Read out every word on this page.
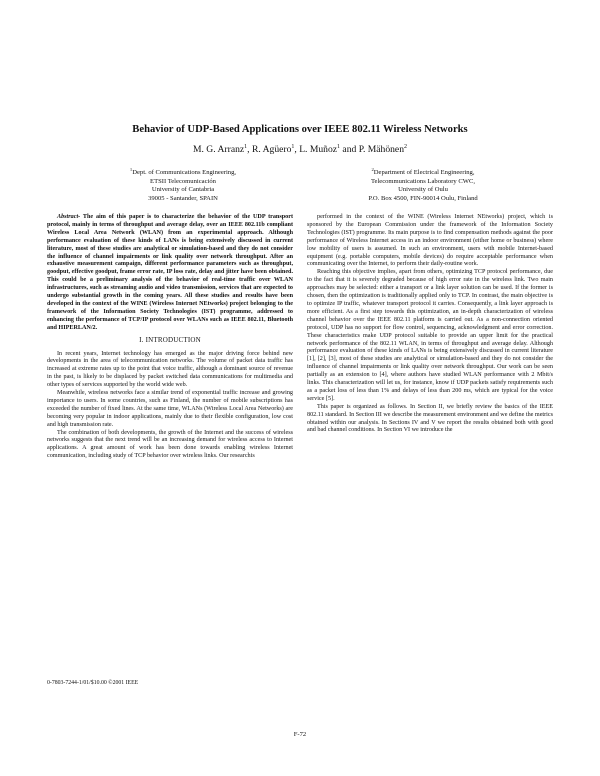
Behavior of UDP-Based Applications over IEEE 802.11 Wireless Networks
M. G. Arranz$^1$, R. Agüero$^1$, L. Muñoz$^1$ and P. Mähönen$^2$
$^1$Dept. of Communications Engineering,
ETSII Telecomunicación
University of Cantabria
39005 - Santander, SPAIN
$^2$Department of Electrical Engineering,
Telecommunications Laboratory CWC,
University of Oulu
P.O. Box 4500, FIN-90014 Oulu, Finland

Abstract- The aim of this paper is to characterize the behavior of the UDP transport protocol, mainly in terms of throughput and average delay, over an IEEE 802.11b compliant Wireless Local Area Network (WLAN) from an experimental approach. Although performance evaluation of these kinds of LANs is being extensively discussed in current literature, most of these studies are analytical or simulation-based and they do not consider the influence of channel impairments or link quality over network throughput. After an exhaustive measurement campaign, different performance parameters such as throughput, goodput, effective goodput, frame error rate, IP loss rate, delay and jitter have been obtained. This could be a preliminary analysis of the behavior of real-time traffic over WLAN infrastructures, such as streaming audio and video transmission, services that are expected to undergo substantial growth in the coming years. All these studies and results have been developed in the context of the WINE (Wireless Internet NEtworks) project belonging to the framework of the Information Society Technologies (IST) programme, addressed to enhancing the performance of TCP/IP protocol over WLANs such as IEEE 802.11, Bluetooth and HIPERLAN/2.

I. INTRODUCTION

In recent years, Internet technology has emerged as the major driving force behind new developments in the area of telecommunication networks. The volume of packet data traffic has increased at extreme rates up to the point that voice traffic, although a dominant source of revenue in the past, is likely to be displaced by packet switched data communications for multimedia and other types of services supported by the world wide web.

Meanwhile, wireless networks face a similar trend of exponential traffic increase and growing importance to users. In some countries, such as Finland, the number of mobile subscriptions has exceeded the number of fixed lines. At the same time, WLANs (Wireless Local Area Networks) are becoming very popular in indoor applications, mainly due to their flexible configuration, low cost and high transmission rate.

The combination of both developments, the growth of the Internet and the success of wireless networks suggests that the next trend will be an increasing demand for wireless access to Internet applications. A great amount of work has been done towards enabling wireless Internet communication, including study of TCP behavior over wireless links. Our researchis

performed in the context of the WINE (Wireless Internet NEtworks) project, which is sponsored by the European Commission under the framework of the Information Society Technologies (IST) programme. Its main purpose is to find compensation methods against the poor performance of Wireless Internet access in an indoor environment (either home or business) where low mobility of users is assumed. In such an environment, users with mobile Internet-based equipment (e.g. portable computers, mobile devices) do require acceptable performance when communicating over the Internet, to perform their daily-routine work.

Reaching this objective implies, apart from others, optimizing TCP protocol performance, due to the fact that it is severely degraded because of high error rate in the wireless link. Two main approaches may be selected: either a transport or a link layer solution can be used. If the former is chosen, then the optimization is traditionally applied only to TCP. In contrast, the main objective is to optimize IP traffic, whatever transport protocol it carries. Consequently, a link layer approach is more efficient. As a first step towards this optimization, an in-depth characterization of wireless channel behavior over the IEEE 802.11 platform is carried out. As a non-connection oriented protocol, UDP has no support for flow control, sequencing, acknowledgment and error correction. These characteristics make UDP protocol suitable to provide an upper limit for the practical network performance of the 802.11 WLAN, in terms of throughput and average delay. Although performance evaluation of these kinds of LANs is being extensively discussed in current literature [1], [2], [3], most of these studies are analytical or simulation-based and they do not consider the influence of channel impairments or link quality over network throughput. Our work can be seen partially as an extension to [4], where authors have studied WLAN performance with 2 Mbit/s links. This characterization will let us, for instance, know if UDP packets satisfy requirements such as a packet loss of less than 1% and delays of less than 200 ms, which are typical for the voice service [5].

This paper is organized as follows. In Section II, we briefly review the basics of the IEEE 802.11 standard. In Section III we describe the measurement environment and we define the metrics obtained within our analysis. In Sections IV and V we report the results obtained both with good and bad channel conditions. In Section VI we introduce the

0-7803-7244-1/01/$10.00 ©2001 IEEE
F-72
